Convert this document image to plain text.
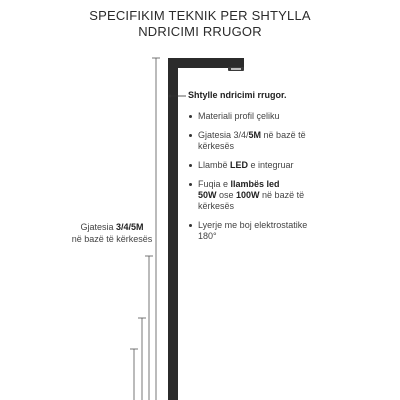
SPECIFIKIM TEKNIK PER SHTYLLA
NDRICIMI RRUGOR
Gjatesia 3/4/5M
në bazë të kërkesës
Shtylle ndricimi rrugor.
Materiali profil çeliku
Gjatesia 3/4/5M në bazë të kërkesës
Llambë LED e integruar
Fuqia e llambës led
50W ose 100W në bazë të kërkesës
Lyerje me boj elektrostatike 180°
